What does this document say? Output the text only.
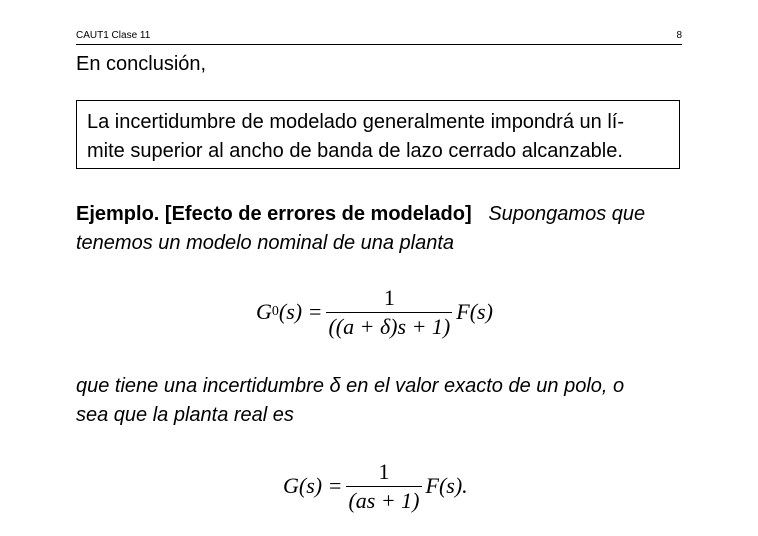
CAUT1 Clase 11	8
En conclusión,
La incertidumbre de modelado generalmente impondrá un lí-
mite superior al ancho de banda de lazo cerrado alcanzable.
Ejemplo. [Efecto de errores de modelado] Supongamos que
tenemos un modelo nominal de una planta
G 0 $(s) = \frac{1}{((a + \delta)s + 1)} F(s)$
que tiene una incertidumbre δ en el valor exacto de un polo, o
sea que la planta real es
$G(s) = \frac{1}{(as + 1)} F(s)$.
